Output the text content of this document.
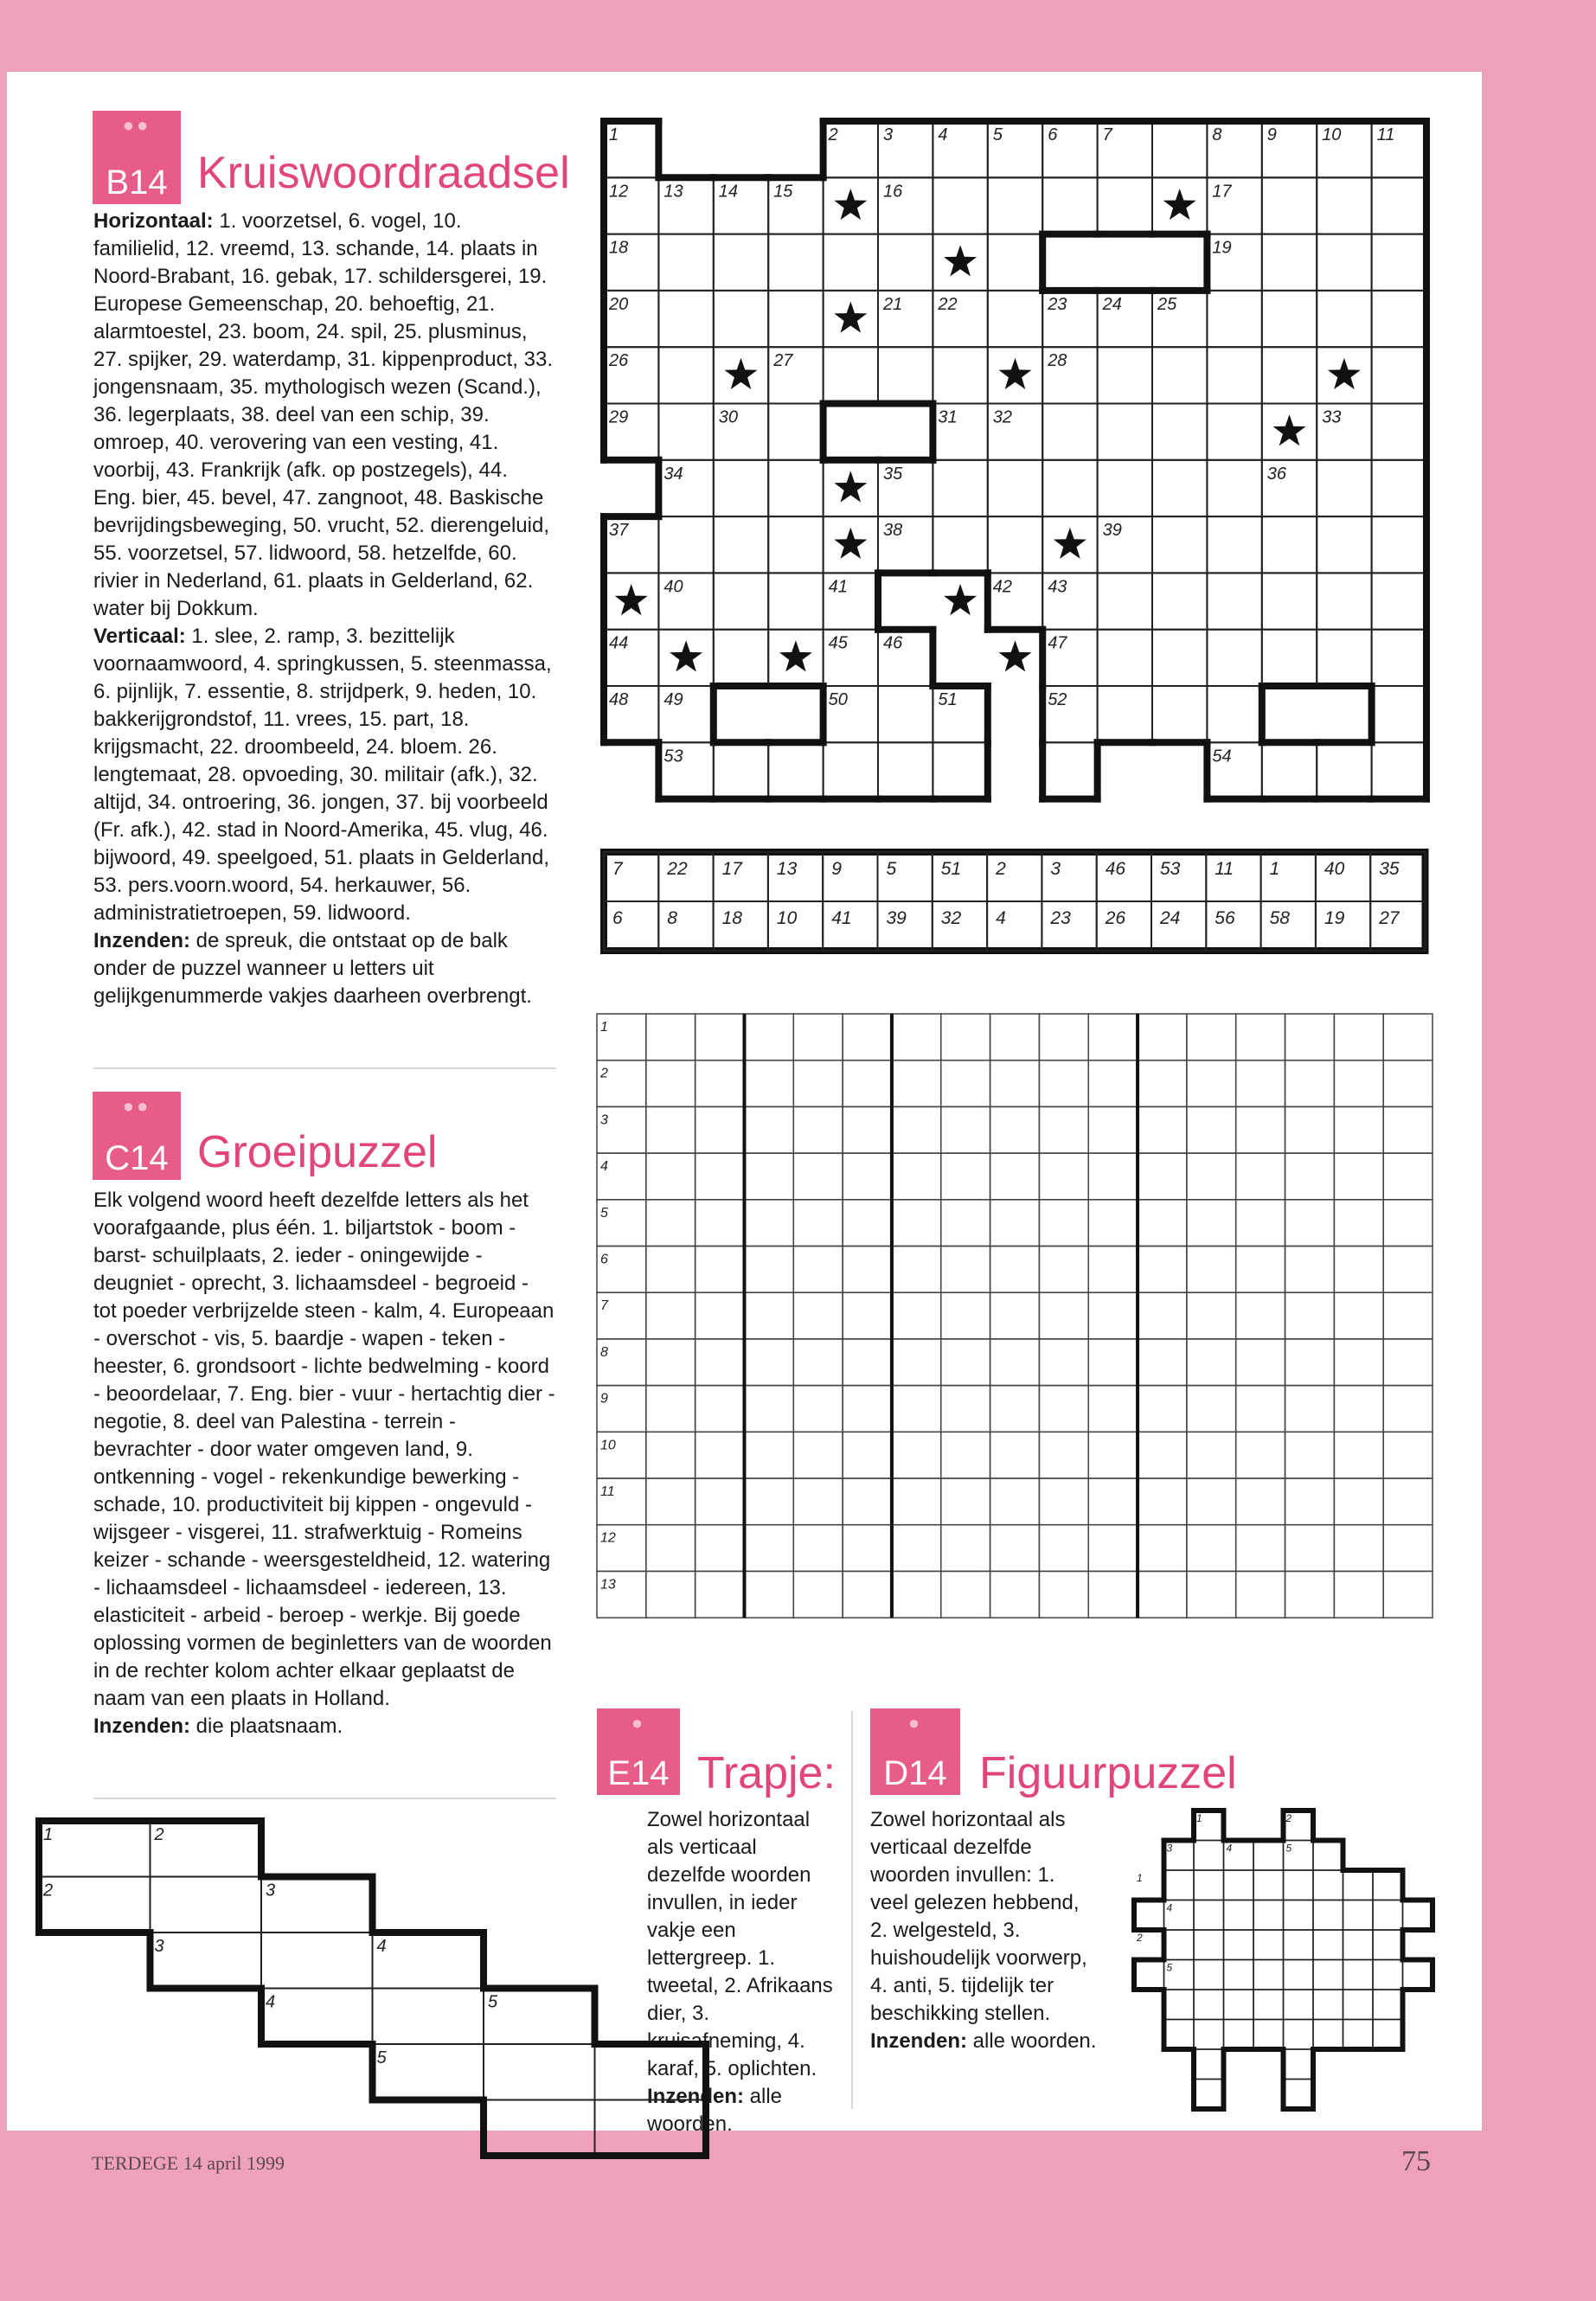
●●
B14 Kruiswoordraadsel
Horizontaal: 1. voorzetsel, 6. vogel, 10. familielid, 12. vreemd, 13. schande, 14. plaats in Noord-Brabant, 16. gebak, 17. schildersgerei, 19. Europese Gemeenschap, 20. behoeftig, 21. alarmtoestel, 23. boom, 24. spil, 25. plusminus, 27. spijker, 29. waterdamp, 31. kippenproduct, 33. jongensnaam, 35. mythologisch wezen (Scand.), 36. legerplaats, 38. deel van een schip, 39. omroep, 40. verovering van een vesting, 41. voorbij, 43. Frankrijk (afk. op postzegels), 44. Eng. bier, 45. bevel, 47. zangnoot, 48. Baskische bevrijdingsbeweging, 50. vrucht, 52. dierengeluid, 55. voorzetsel, 57. lidwoord, 58. hetzelfde, 60. rivier in Nederland, 61. plaats in Gelderland, 62. water bij Dokkum.
Verticaal: 1. slee, 2. ramp, 3. bezittelijk voornaamwoord, 4. springkussen, 5. steenmassa, 6. pijnlijk, 7. essentie, 8. strijdperk, 9. heden, 10. bakkerijgrondstof, 11. vrees, 15. part, 18. krijgsmacht, 22. droombeeld, 24. bloem. 26. lengtemaat, 28. opvoeding, 30. militair (afk.), 32. altijd, 34. ontroering, 36. jongen, 37. bij voorbeeld (Fr. afk.), 42. stad in Noord-Amerika, 45. vlug, 46. bijwoord, 49. speelgoed, 51. plaats in Gelderland, 53. pers.voorn.woord, 54. herkauwer, 56. administratietroepen, 59. lidwoord.
Inzenden: de spreuk, die ontstaat op de balk onder de puzzel wanneer u letters uit gelijkgenummerde vakjes daarheen overbrengt.
●●
C14 Groeipuzzel
Elk volgend woord heeft dezelfde letters als het voorafgaande, plus één. 1. biljartstok - boom - barst- schuilplaats, 2. ieder - oningewijde - deugniet - oprecht, 3. lichaamsdeel - begroeid - tot poeder verbrijzelde steen - kalm, 4. Europeaan - overschot - vis, 5. baardje - wapen - teken - heester, 6. grondsoort - lichte bedwelming - koord - beoordelaar, 7. Eng. bier - vuur - hertachtig dier - negotie, 8. deel van Palestina - terrein - bevrachter - door water omgeven land, 9. ontkenning - vogel - rekenkundige bewerking - schade, 10. productiviteit bij kippen - ongevuld - wijsgeer - visgerei, 11. strafwerktuig - Romeins keizer - schande - weersgesteldheid, 12. watering - lichaamsdeel - lichaamsdeel - iedereen, 13. elasticiteit - arbeid - beroep - werkje. Bij goede oplossing vormen de beginletters van de woorden in de rechter kolom achter elkaar geplaatst de naam van een plaats in Holland.
Inzenden: die plaatsnaam.	●
E14 Trapje:
Zowel horizontaal als verticaal dezelfde woorden invullen, in ieder vakje een lettergreep. 1. tweetal, 2. Afrikaans dier, 3. kruisafneming, 4. karaf, 5. oplichten.
Inzenden: alle woorden.
●
D14 Figuurpuzzel
Zowel horizontaal als verticaal dezelfde woorden invullen: 1. veel gelezen hebbend, 2. welgesteld, 3. huishoudelijk voorwerp, 4. anti, 5. tijdelijk ter beschikking stellen.
Inzenden: alle woorden.
TERDEGE 14 april 1999	75
1	2	3	4	5	6	7	8	9	10 11
12 13 14 15	16	17
18	19
20	21 22	23 24 25
26	27	28
29	30	31 32	33
34	35	36
37	38	39
40	41	42 43
44	45 46	47
48 49	50	51	52
53	54
7 22 17 13 9 5 51 2 3 46 53 11 1 40 35
6 8 18 10 41 39 32 4 23 26 24 56 58 19 27
1
2
3
4
5
6
7
8
9
10
11
12
13
1	2
2	3
3	4
4	5
5
1	2
3	4	5
1
4
2
5
